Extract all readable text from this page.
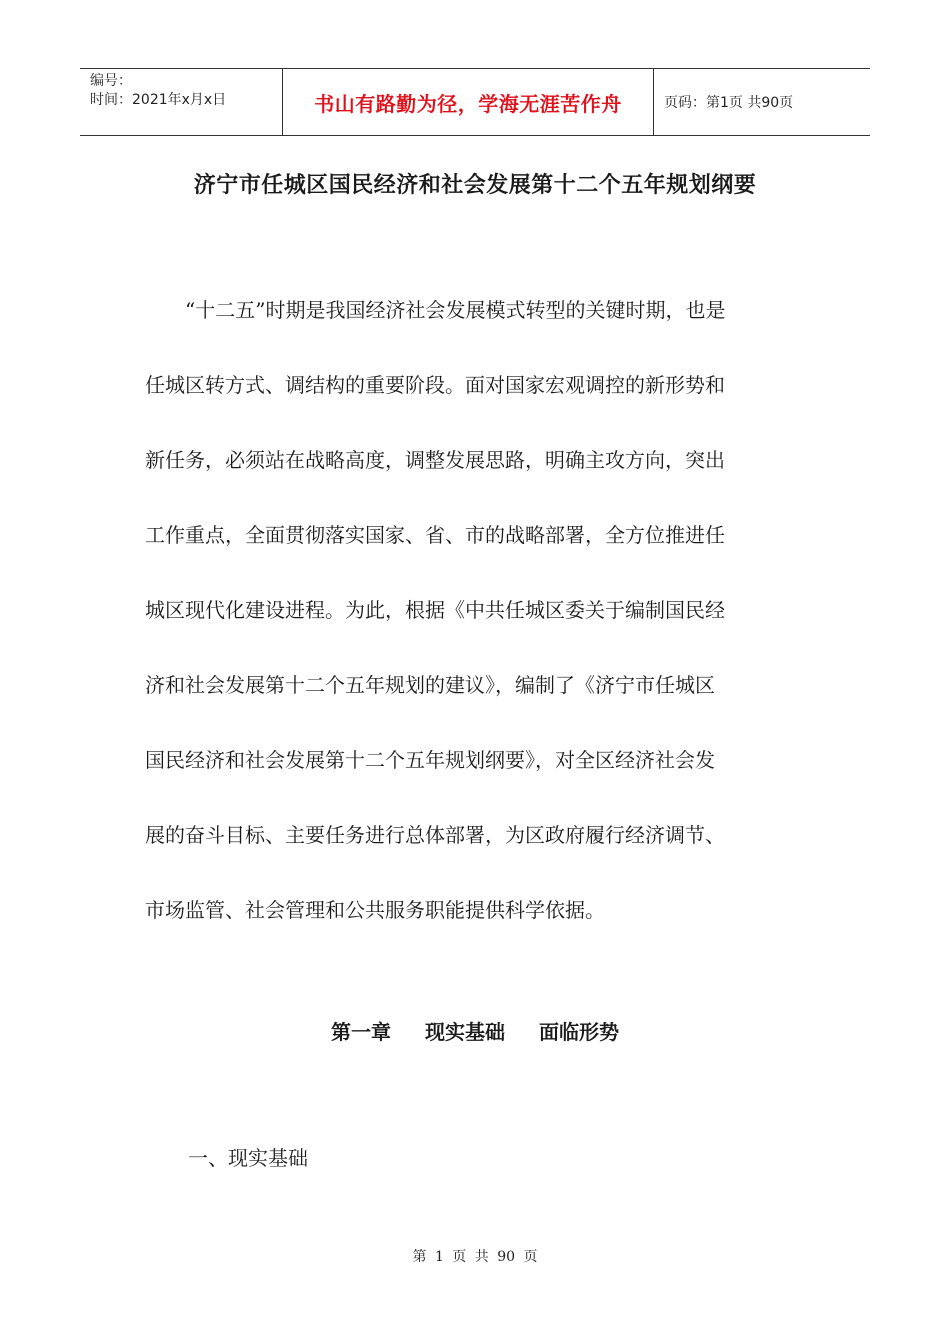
编号：
时间：2021年x月x日	书山有路勤为径，学海无涯苦作舟	页码：第1页 共90页
济宁市任城区国民经济和社会发展第十二个五年规划纲要
“十二五”时期是我国经济社会发展模式转型的关键时期，也是
任城区转方式、调结构的重要阶段。面对国家宏观调控的新形势和
新任务，必须站在战略高度，调整发展思路，明确主攻方向，突出
工作重点，全面贯彻落实国家、省、市的战略部署，全方位推进任
城区现代化建设进程。为此，根据《中共任城区委关于编制国民经
济和社会发展第十二个五年规划的建议》，编制了《济宁市任城区
国民经济和社会发展第十二个五年规划纲要》，对全区经济社会发
展的奋斗目标、主要任务进行总体部署，为区政府履行经济调节、
市场监管、社会管理和公共服务职能提供科学依据。
第一章 现实基础 面临形势
一、现实基础
第 1 页 共 90 页
